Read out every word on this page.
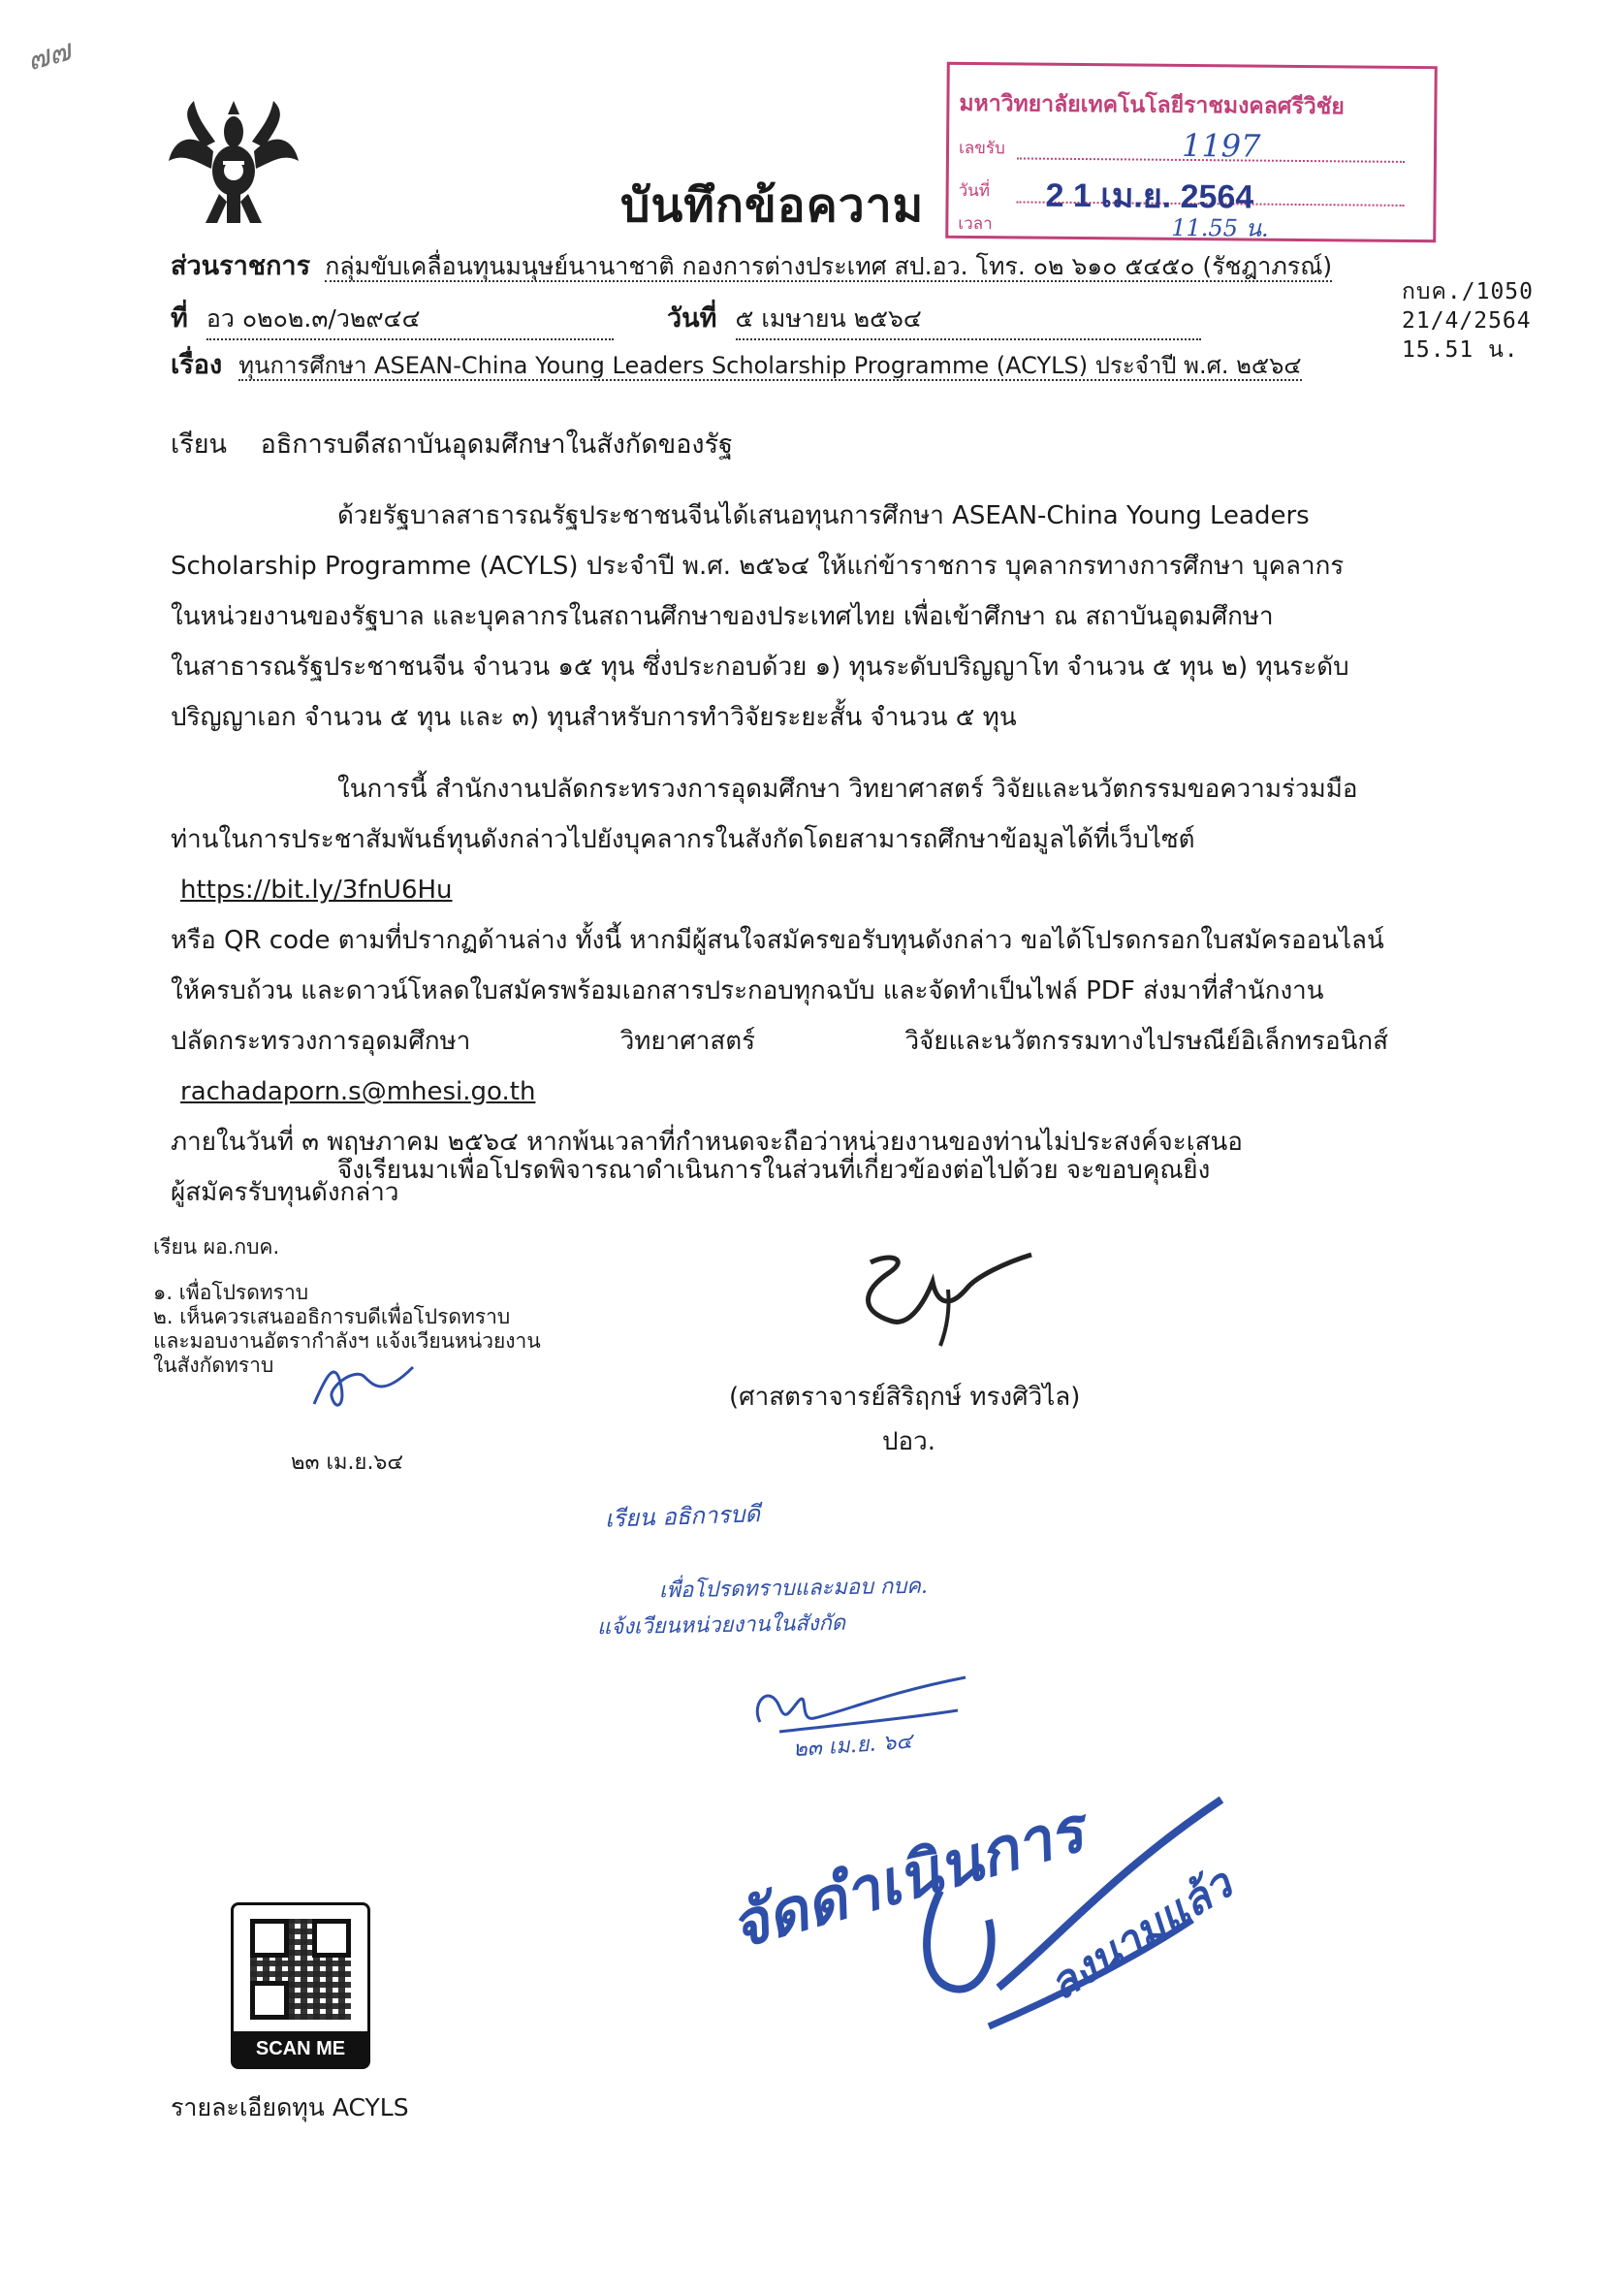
๗๗
บันทึกข้อความ
มหาวิทยาลัยเทคโนโลยีราชมงคลศรีวิชัย
เลขรับ	1197
วันที่ 2 1 เม.ย. 2564
เวลา	11.55 น.
ส่วนราชการ กลุ่มขับเคลื่อนทุนมนุษย์นานาชาติ กองการต่างประเทศ สป.อว. โทร. ๐๒ ๖๑๐ ๕๔๕๐ (รัชฎาภรณ์)
ที่ อว ๐๒๐๒.๓/ว๒๙๔๔	วันที่ ๕ เมษายน ๒๕๖๔
เรื่อง ทุนการศึกษา ASEAN-China Young Leaders Scholarship Programme (ACYLS) ประจำปี พ.ศ. ๒๕๖๔
กบค./1050
21/4/2564
15.51 น.
เรียน อธิการบดีสถาบันอุดมศึกษาในสังกัดของรัฐ
ด้วยรัฐบาลสาธารณรัฐประชาชนจีนได้เสนอทุนการศึกษา ASEAN-China Young Leaders
Scholarship Programme (ACYLS) ประจำปี พ.ศ. ๒๕๖๔ ให้แก่ข้าราชการ บุคลากรทางการศึกษา บุคลากร
ในหน่วยงานของรัฐบาล และบุคลากรในสถานศึกษาของประเทศไทย เพื่อเข้าศึกษา ณ สถาบันอุดมศึกษา
ในสาธารณรัฐประชาชนจีน จำนวน ๑๕ ทุน ซึ่งประกอบด้วย ๑) ทุนระดับปริญญาโท จำนวน ๕ ทุน ๒) ทุนระดับ
ปริญญาเอก จำนวน ๕ ทุน และ ๓) ทุนสำหรับการทำวิจัยระยะสั้น จำนวน ๕ ทุน
ในการนี้ สำนักงานปลัดกระทรวงการอุดมศึกษา วิทยาศาสตร์ วิจัยและนวัตกรรมขอความร่วมมือ
ท่านในการประชาสัมพันธ์ทุนดังกล่าวไปยังบุคลากรในสังกัดโดยสามารถศึกษาข้อมูลได้ที่เว็บไซต์ https://bit.ly/3fnU6Hu
หรือ QR code ตามที่ปรากฏด้านล่าง ทั้งนี้ หากมีผู้สนใจสมัครขอรับทุนดังกล่าว ขอได้โปรดกรอกใบสมัครออนไลน์
ให้ครบถ้วน และดาวน์โหลดใบสมัครพร้อมเอกสารประกอบทุกฉบับ และจัดทำเป็นไฟล์ PDF ส่งมาที่สำนักงาน
ปลัดกระทรวงการอุดมศึกษา วิทยาศาสตร์ วิจัยและนวัตกรรมทางไปรษณีย์อิเล็กทรอนิกส์ rachadaporn.s@mhesi.go.th
ภายในวันที่ ๓ พฤษภาคม ๒๕๖๔ หากพ้นเวลาที่กำหนดจะถือว่าหน่วยงานของท่านไม่ประสงค์จะเสนอ
ผู้สมัครรับทุนดังกล่าว
จึงเรียนมาเพื่อโปรดพิจารณาดำเนินการในส่วนที่เกี่ยวข้องต่อไปด้วย จะขอบคุณยิ่ง
เรียน ผอ.กบค.
๑. เพื่อโปรดทราบ
๒. เห็นควรเสนออธิการบดีเพื่อโปรดทราบ
และมอบงานอัตรากำลังฯ แจ้งเวียนหน่วยงาน
ในสังกัดทราบ
๒๓ เม.ย.๖๔
(ศาสตราจารย์สิริฤกษ์ ทรงศิวิไล)
ปอว.
เรียน อธิการบดี
เพื่อโปรดทราบและมอบ กบค.
แจ้งเวียนหน่วยงานในสังกัด
๒๓ เม.ย. ๖๔
จัดดำเนินการ
ลงนามแล้ว
SCAN ME
รายละเอียดทุน ACYLS
